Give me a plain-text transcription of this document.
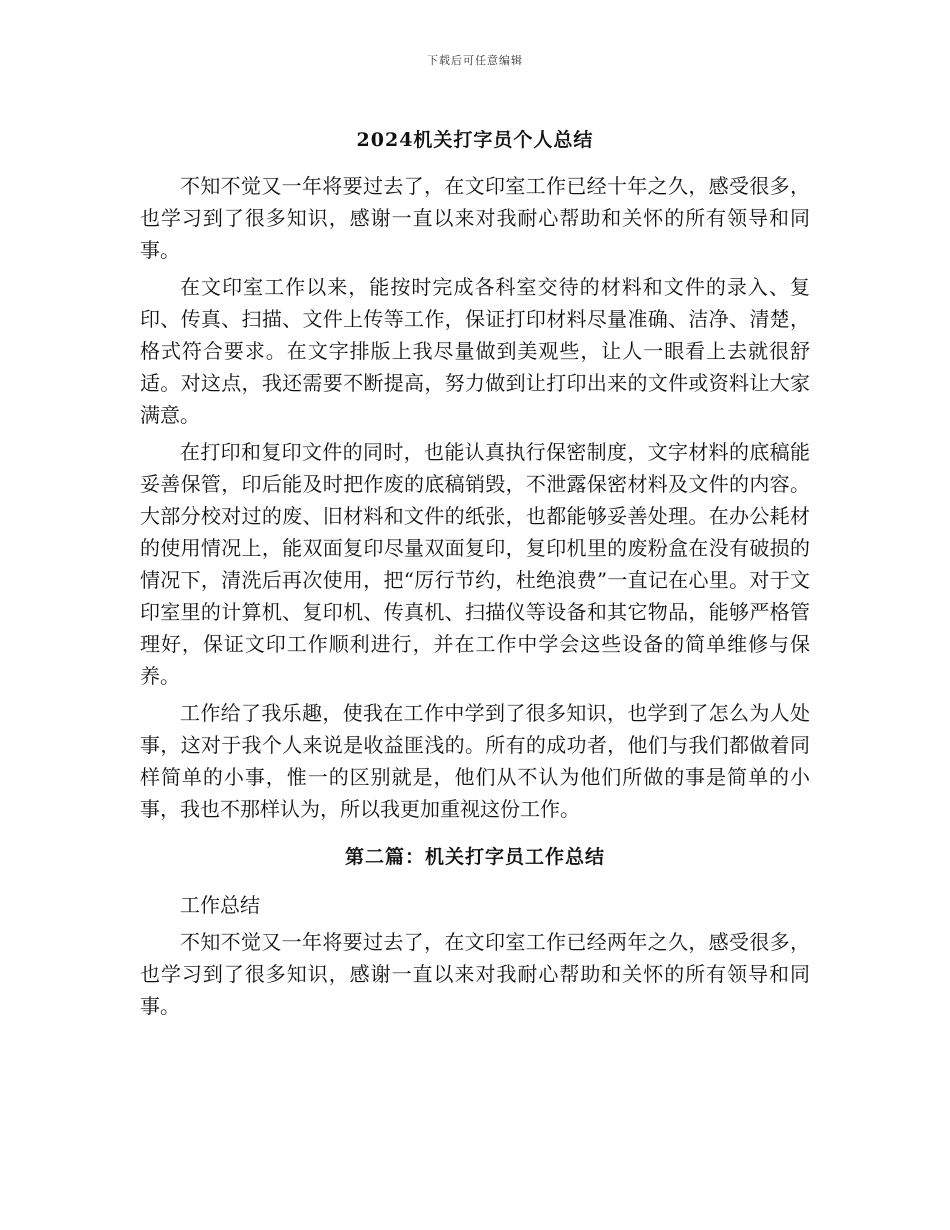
下载后可任意编辑
2024机关打字员个人总结

不知不觉又一年将要过去了，在文印室工作已经十年之久，感受很多，也学习到了很多知识，感谢一直以来对我耐心帮助和关怀的所有领导和同事。

在文印室工作以来，能按时完成各科室交待的材料和文件的录入、复印、传真、扫描、文件上传等工作，保证打印材料尽量准确、洁净、清楚，格式符合要求。在文字排版上我尽量做到美观些，让人一眼看上去就很舒适。对这点，我还需要不断提高，努力做到让打印出来的文件或资料让大家满意。

在打印和复印文件的同时，也能认真执行保密制度，文字材料的底稿能妥善保管，印后能及时把作废的底稿销毁，不泄露保密材料及文件的内容。大部分校对过的废、旧材料和文件的纸张，也都能够妥善处理。在办公耗材的使用情况上，能双面复印尽量双面复印，复印机里的废粉盒在没有破损的情况下，清洗后再次使用，把“厉行节约，杜绝浪费”一直记在心里。对于文印室里的计算机、复印机、传真机、扫描仪等设备和其它物品，能够严格管理好，保证文印工作顺利进行，并在工作中学会这些设备的简单维修与保养。

工作给了我乐趣，使我在工作中学到了很多知识，也学到了怎么为人处事，这对于我个人来说是收益匪浅的。所有的成功者，他们与我们都做着同样简单的小事，惟一的区别就是，他们从不认为他们所做的事是简单的小事，我也不那样认为，所以我更加重视这份工作。

第二篇：机关打字员工作总结
工作总结

不知不觉又一年将要过去了，在文印室工作已经两年之久，感受很多，也学习到了很多知识，感谢一直以来对我耐心帮助和关怀的所有领导和同事。
